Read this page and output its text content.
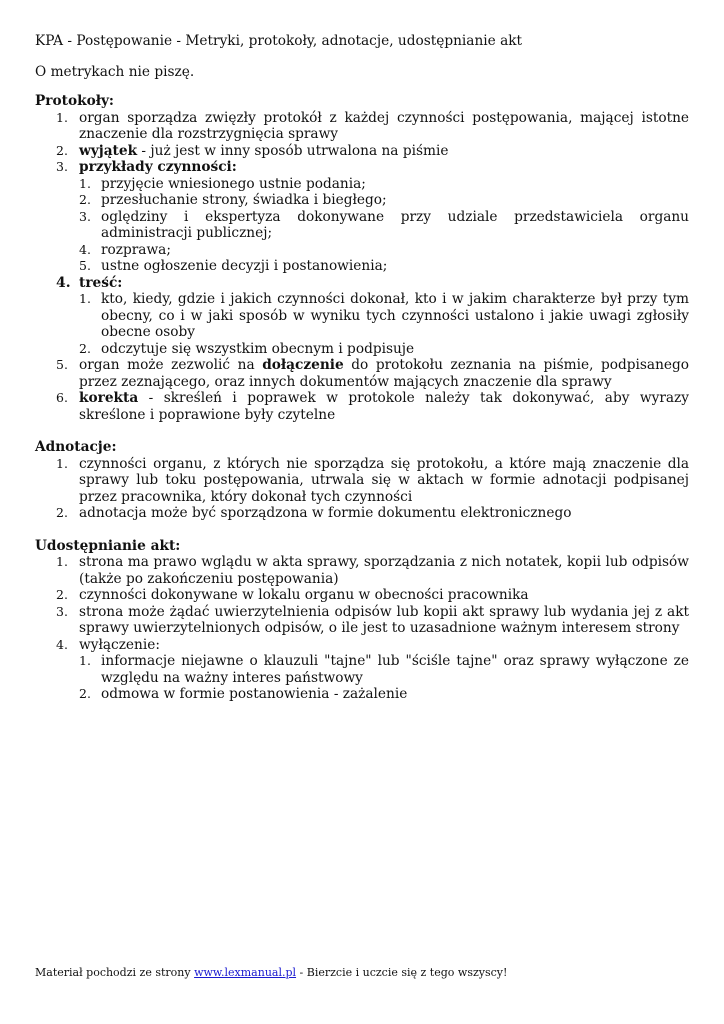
KPA - Postępowanie - Metryki, protokoły, adnotacje, udostępnianie akt

O metrykach nie piszę.

Protokoły:

1. organ sporządza zwięzły protokół z każdej czynności postępowania, mającej istotne znaczenie dla rozstrzygnięcia sprawy
2. wyjątek - już jest w inny sposób utrwalona na piśmie
3. przykłady czynności:
1. przyjęcie wniesionego ustnie podania;
2. przesłuchanie strony, świadka i biegłego;
3. oględziny i ekspertyza dokonywane przy udziale przedstawiciela organu administracji publicznej;
4. rozprawa;
5. ustne ogłoszenie decyzji i postanowienia;
4. treść:
1. kto, kiedy, gdzie i jakich czynności dokonał, kto i w jakim charakterze był przy tym obecny, co i w jaki sposób w wyniku tych czynności ustalono i jakie uwagi zgłosiły obecne osoby
2. odczytuje się wszystkim obecnym i podpisuje
5. organ może zezwolić na dołączenie do protokołu zeznania na piśmie, podpisanego przez zeznającego, oraz innych dokumentów mających znaczenie dla sprawy
6. korekta - skreśleń i poprawek w protokole należy tak dokonywać, aby wyrazy skreślone i poprawione były czytelne

Adnotacje:

1. czynności organu, z których nie sporządza się protokołu, a które mają znaczenie dla sprawy lub toku postępowania, utrwala się w aktach w formie adnotacji podpisanej przez pracownika, który dokonał tych czynności
2. adnotacja może być sporządzona w formie dokumentu elektronicznego

Udostępnianie akt:

1. strona ma prawo wglądu w akta sprawy, sporządzania z nich notatek, kopii lub odpisów (także po zakończeniu postępowania)
2. czynności dokonywane w lokalu organu w obecności pracownika
3. strona może żądać uwierzytelnienia odpisów lub kopii akt sprawy lub wydania jej z akt sprawy uwierzytelnionych odpisów, o ile jest to uzasadnione ważnym interesem strony
4. wyłączenie:
1. informacje niejawne o klauzuli "tajne" lub "ściśle tajne" oraz sprawy wyłączone ze względu na ważny interes państwowy
2. odmowa w formie postanowienia - zażalenie
Materiał pochodzi ze strony www.lexmanual.pl - Bierzcie i uczcie się z tego wszyscy!
